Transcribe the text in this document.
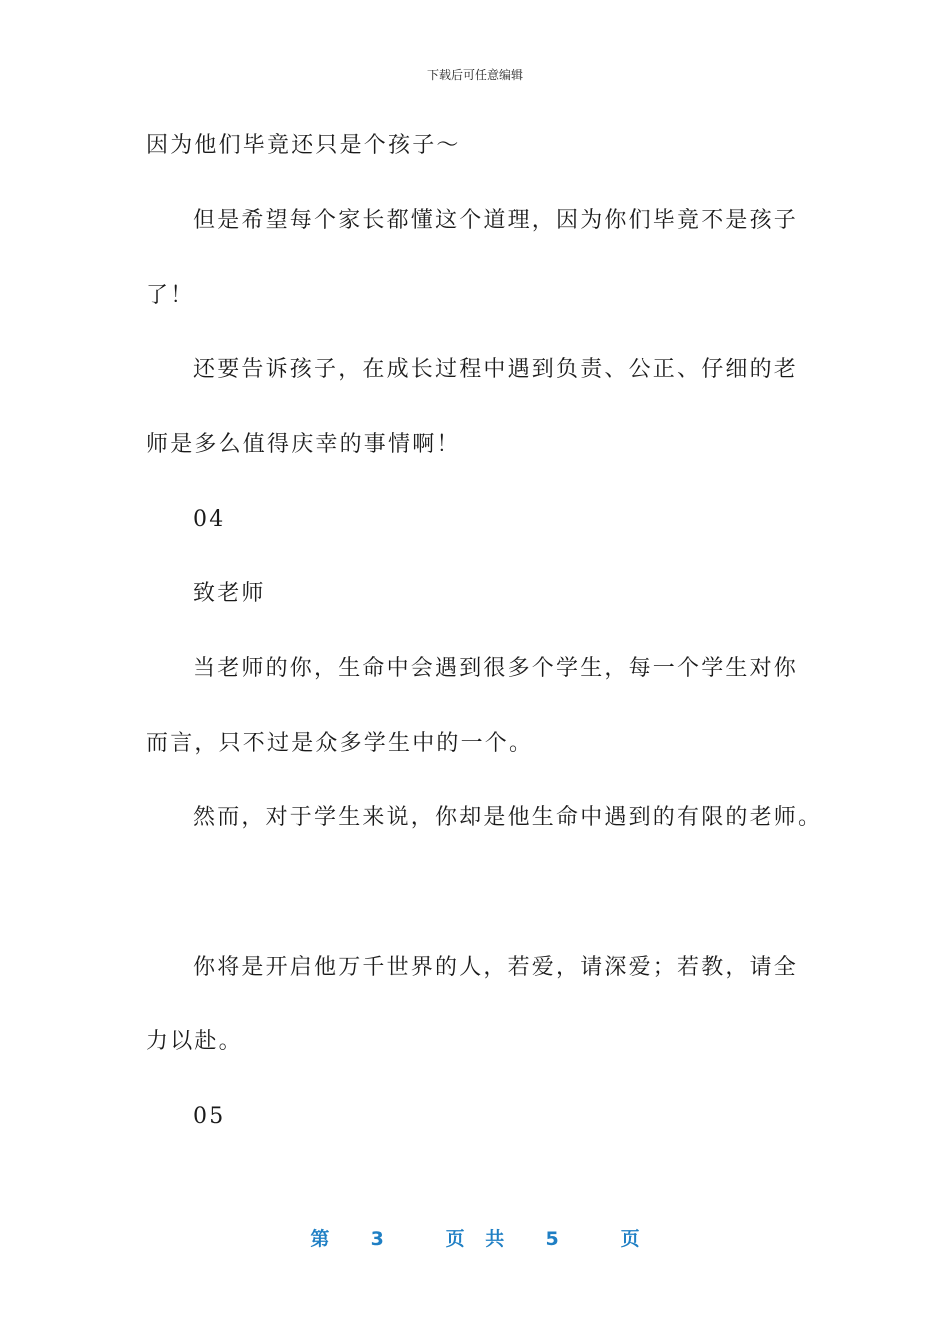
下载后可任意编辑
因为他们毕竟还只是个孩子～
但是希望每个家长都懂这个道理，因为你们毕竟不是孩子
了！
还要告诉孩子，在成长过程中遇到负责、公正、仔细的老
师是多么值得庆幸的事情啊！
04
致老师
当老师的你，生命中会遇到很多个学生，每一个学生对你
而言，只不过是众多学生中的一个。
然而，对于学生来说，你却是他生命中遇到的有限的老师。
你将是开启他万千世界的人，若爱，请深爱；若教，请全
力以赴。
05
第  3   页 共  5   页
